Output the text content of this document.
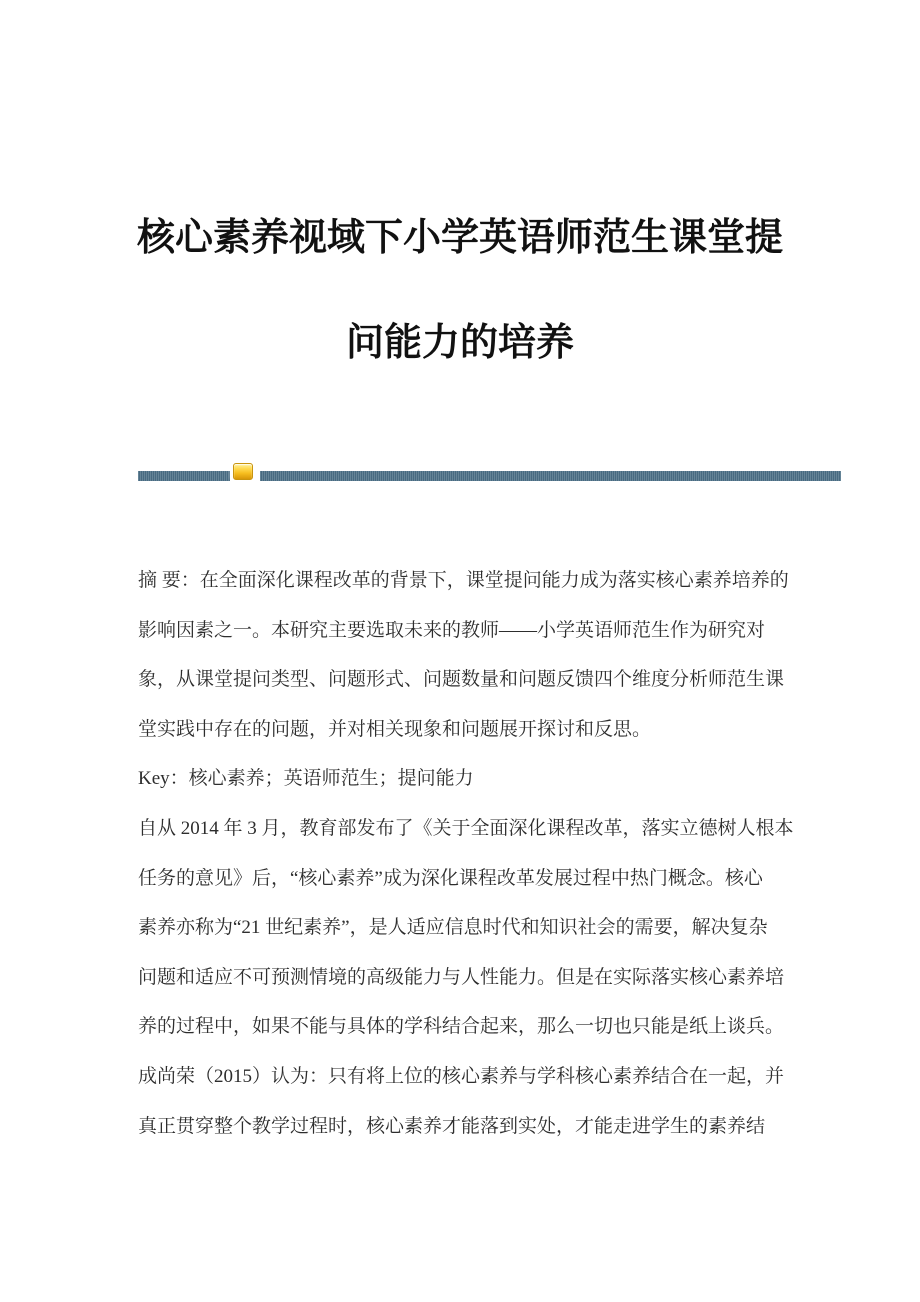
核心素养视域下小学英语师范生课堂提
问能力的培养
摘 要：在全面深化课程改革的背景下，课堂提问能力成为落实核心素养培养的
影响因素之一。本研究主要选取未来的教师——小学英语师范生作为研究对
象，从课堂提问类型、问题形式、问题数量和问题反馈四个维度分析师范生课
堂实践中存在的问题，并对相关现象和问题展开探讨和反思。
Key：核心素养；英语师范生；提问能力
自从 2014 年 3 月，教育部发布了《关于全面深化课程改革，落实立德树人根本
任务的意见》后，“核心素养”成为深化课程改革发展过程中热门概念。核心
素养亦称为“21 世纪素养”，是人适应信息时代和知识社会的需要，解决复杂
问题和适应不可预测情境的高级能力与人性能力。但是在实际落实核心素养培
养的过程中，如果不能与具体的学科结合起来，那么一切也只能是纸上谈兵。
成尚荣（2015）认为：只有将上位的核心素养与学科核心素养结合在一起，并
真正贯穿整个教学过程时，核心素养才能落到实处，才能走进学生的素养结
